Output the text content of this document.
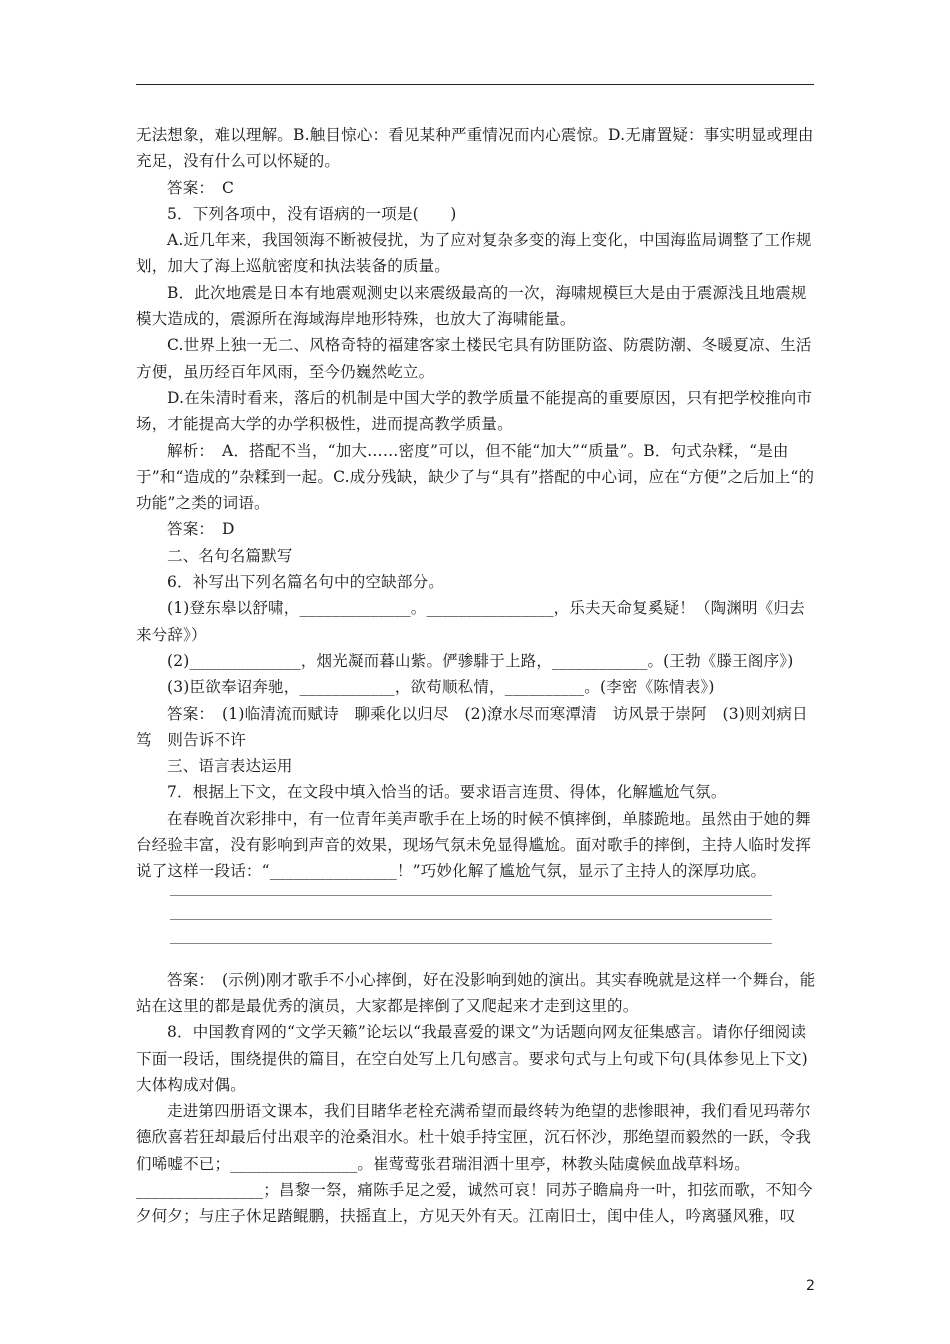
无法想象，难以理解。B.触目惊心：看见某种严重情况而内心震惊。D.无庸置疑：事实明显或理由充足，没有什么可以怀疑的。

答案：　C

5．下列各项中，没有语病的一项是(　　)

A.近几年来，我国领海不断被侵扰，为了应对复杂多变的海上变化，中国海监局调整了工作规划，加大了海上巡航密度和执法装备的质量。

B．此次地震是日本有地震观测史以来震级最高的一次，海啸规模巨大是由于震源浅且地震规模大造成的，震源所在海域海岸地形特殊，也放大了海啸能量。

C.世界上独一无二、风格奇特的福建客家土楼民宅具有防匪防盗、防震防潮、冬暖夏凉、生活方便，虽历经百年风雨，至今仍巍然屹立。

D.在朱清时看来，落后的机制是中国大学的教学质量不能提高的重要原因，只有把学校推向市场，才能提高大学的办学积极性，进而提高教学质量。

解析：　A．搭配不当，“加大……密度”可以，但不能“加大”“质量”。B．句式杂糅，“是由于”和“造成的”杂糅到一起。C.成分残缺，缺少了与“具有”搭配的中心词，应在“方便”之后加上“的功能”之类的词语。

答案：　D

二、名句名篇默写

6．补写出下列名篇名句中的空缺部分。

(1)登东皋以舒啸，______________。________________，乐夫天命复奚疑！（陶渊明《归去来兮辞》）

(2)______________，烟光凝而暮山紫。俨骖騑于上路，____________。(王勃《滕王阁序》)

(3)臣欲奉诏奔驰，____________，欲苟顺私情，__________。(李密《陈情表》)

答案：　(1)临清流而赋诗　聊乘化以归尽　(2)潦水尽而寒潭清　访风景于崇阿　(3)则刘病日笃　则告诉不许

三、语言表达运用

7．根据上下文，在文段中填入恰当的话。要求语言连贯、得体，化解尴尬气氛。

在春晚首次彩排中，有一位青年美声歌手在上场的时候不慎摔倒，单膝跪地。虽然由于她的舞台经验丰富，没有影响到声音的效果，现场气氛未免显得尴尬。面对歌手的摔倒，主持人临时发挥说了这样一段话：“________________！”巧妙化解了尴尬气氛，显示了主持人的深厚功底。

答案：　(示例)刚才歌手不小心摔倒，好在没影响到她的演出。其实春晚就是这样一个舞台，能站在这里的都是最优秀的演员，大家都是摔倒了又爬起来才走到这里的。

8．中国教育网的“文学天籁”论坛以“我最喜爱的课文”为话题向网友征集感言。请你仔细阅读下面一段话，围绕提供的篇目，在空白处写上几句感言。要求句式与上句或下句(具体参见上下文)大体构成对偶。

走进第四册语文课本，我们目睹华老栓充满希望而最终转为绝望的悲惨眼神，我们看见玛蒂尔德欣喜若狂却最后付出艰辛的沧桑泪水。杜十娘手持宝匣，沉石怀沙，那绝望而毅然的一跃，令我们唏嘘不已；________________。崔莺莺张君瑞泪洒十里亭，林教头陆虞候血战草料场。________________；昌黎一祭，痛陈手足之爱，诚然可哀！同苏子瞻扁舟一叶，扣弦而歌，不知今夕何夕；与庄子休足踏鲲鹏，扶摇直上，方见天外有天。江南旧士，闺中佳人，吟离骚风雅，叹

2
